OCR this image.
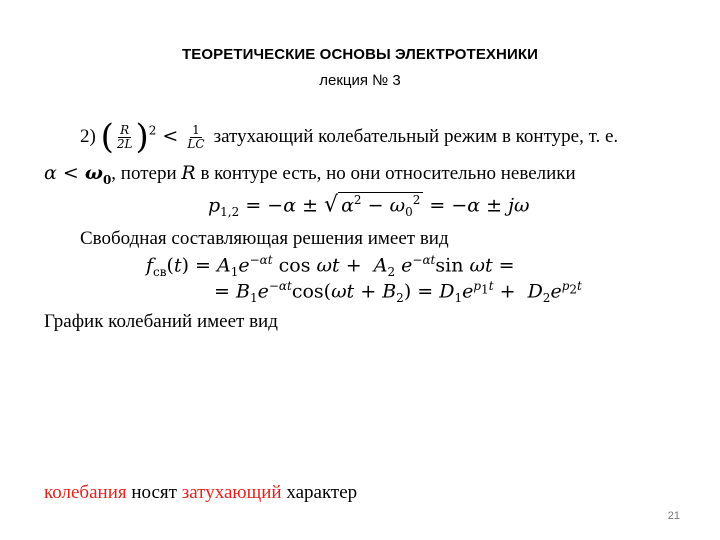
ТЕОРЕТИЧЕСКИЕ ОСНОВЫ ЭЛЕКТРОТЕХНИКИ
лекция № 3
2) ( $\frac{R}{2L} )^2 < \frac{1}{LC}$ затухающий колебательный режим в контуре, т. е.
$\alpha < \omega_0$, потери R в контуре есть, но они относительно невелики
$p_{1,2} = -\alpha$ ± √ $\alpha^2 - \omega_0^2 = -\alpha \pm j\omega$
Свободная составляющая решения имеет вид
$f_{св}(t) = A_1e^{-\alpha t}$ $\cos \omega t + A_2$ $e^{-\alpha t}\sin$ ωt =
= $B_1e^{-\alpha t}\cos(\omega t + B_2) = D_1e^{p_1t} + D_2e^{p_2t}$
График колебаний имеет вид
колебания носят затухающий характер
21
